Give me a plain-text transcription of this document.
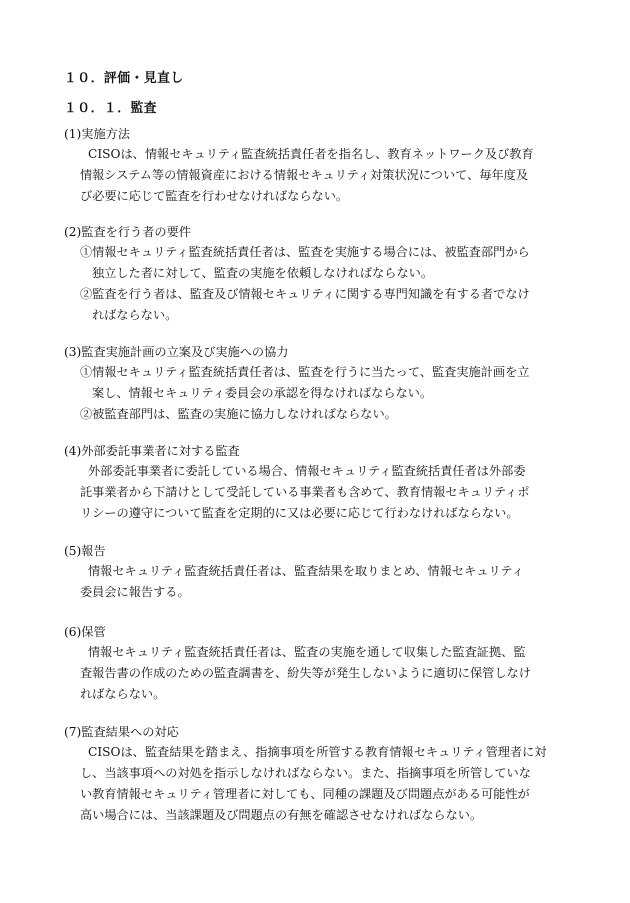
１０．評価・見直し
１０．１．監査
(1)実施方法
CISOは、情報セキュリティ監査統括責任者を指名し、教育ネットワーク及び教育
情報システム等の情報資産における情報セキュリティ対策状況について、毎年度及
び必要に応じて監査を行わせなければならない。
(2)監査を行う者の要件
①情報セキュリティ監査統括責任者は、監査を実施する場合には、被監査部門から
独立した者に対して、監査の実施を依頼しなければならない。
②監査を行う者は、監査及び情報セキュリティに関する専門知識を有する者でなけ
ればならない。
(3)監査実施計画の立案及び実施への協力
①情報セキュリティ監査統括責任者は、監査を行うに当たって、監査実施計画を立
案し、情報セキュリティ委員会の承認を得なければならない。
②被監査部門は、監査の実施に協力しなければならない。
(4)外部委託事業者に対する監査
外部委託事業者に委託している場合、情報セキュリティ監査統括責任者は外部委
託事業者から下請けとして受託している事業者も含めて、教育情報セキュリティポ
リシーの遵守について監査を定期的に又は必要に応じて行わなければならない。
(5)報告
情報セキュリティ監査統括責任者は、監査結果を取りまとめ、情報セキュリティ
委員会に報告する。
(6)保管
情報セキュリティ監査統括責任者は、監査の実施を通して収集した監査証拠、監
査報告書の作成のための監査調書を、紛失等が発生しないように適切に保管しなけ
ればならない。
(7)監査結果への対応
CISOは、監査結果を踏まえ、指摘事項を所管する教育情報セキュリティ管理者に対
し、当該事項への対処を指示しなければならない。また、指摘事項を所管していな
い教育情報セキュリティ管理者に対しても、同種の課題及び問題点がある可能性が
高い場合には、当該課題及び問題点の有無を確認させなければならない。
